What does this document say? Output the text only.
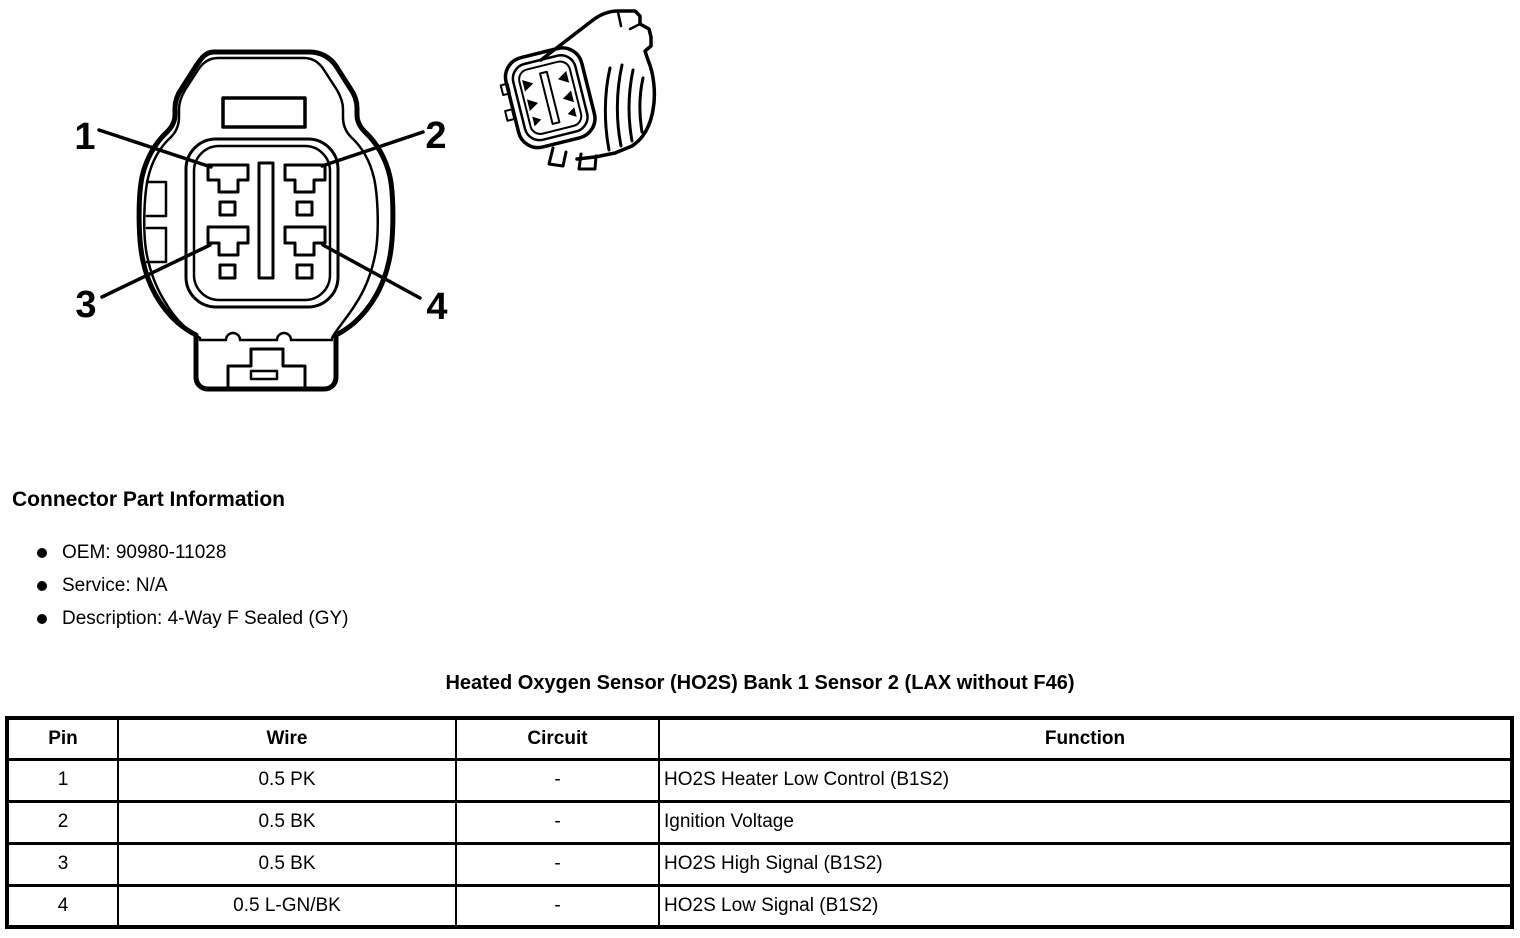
1	2
3	4
Connector Part Information
OEM: 90980-11028
Service: N/A
Description: 4-Way F Sealed (GY)
Heated Oxygen Sensor (HO2S) Bank 1 Sensor 2 (LAX without F46)
Pin	Wire	Circuit	Function
1	0.5 PK	-	HO2S Heater Low Control (B1S2)
2	0.5 BK	-	Ignition Voltage
3	0.5 BK	-	HO2S High Signal (B1S2)
4	0.5 L-GN/BK	-	HO2S Low Signal (B1S2)
